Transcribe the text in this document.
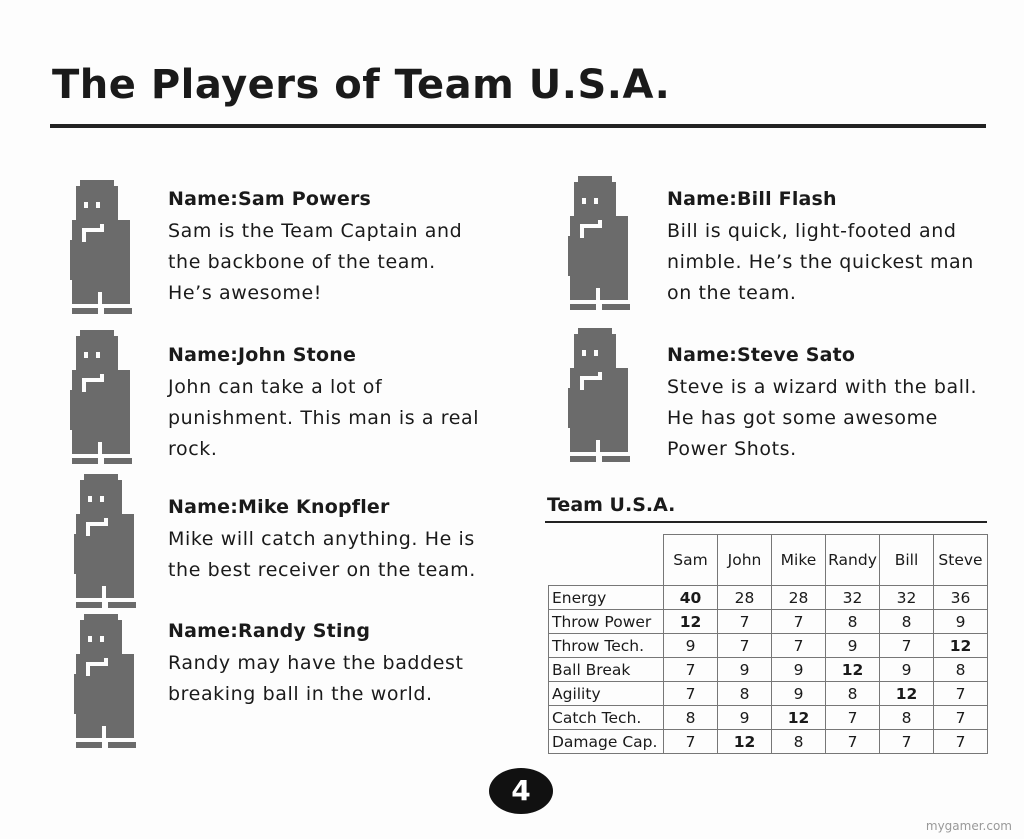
The Players of Team U.S.A.
Name:Sam Powers
Sam is the Team Captain and
the backbone of the team.
He’s awesome!
Name:John Stone
John can take a lot of
punishment. This man is a real
rock.
Name:Mike Knopfler
Mike will catch anything. He is
the best receiver on the team.
Name:Randy Sting
Randy may have the baddest
breaking ball in the world.
Name:Bill Flash
Bill is quick, light-footed and
nimble. He’s the quickest man
on the team.
Name:Steve Sato
Steve is a wizard with the ball.
He has got some awesome
Power Shots.
Team U.S.A.
	Sam	John	Mike	Randy	Bill	Steve
Energy	40	28	28	32	32	36
Throw Power	12	7	7	8	8	9
Throw Tech.	9	7	7	9	7	12
Ball Break	7	9	9	12	9	8
Agility	7	8	9	8	12	7
Catch Tech.	8	9	12	7	8	7
Damage Cap.	7	12	8	7	7	7
4
mygamer.com
